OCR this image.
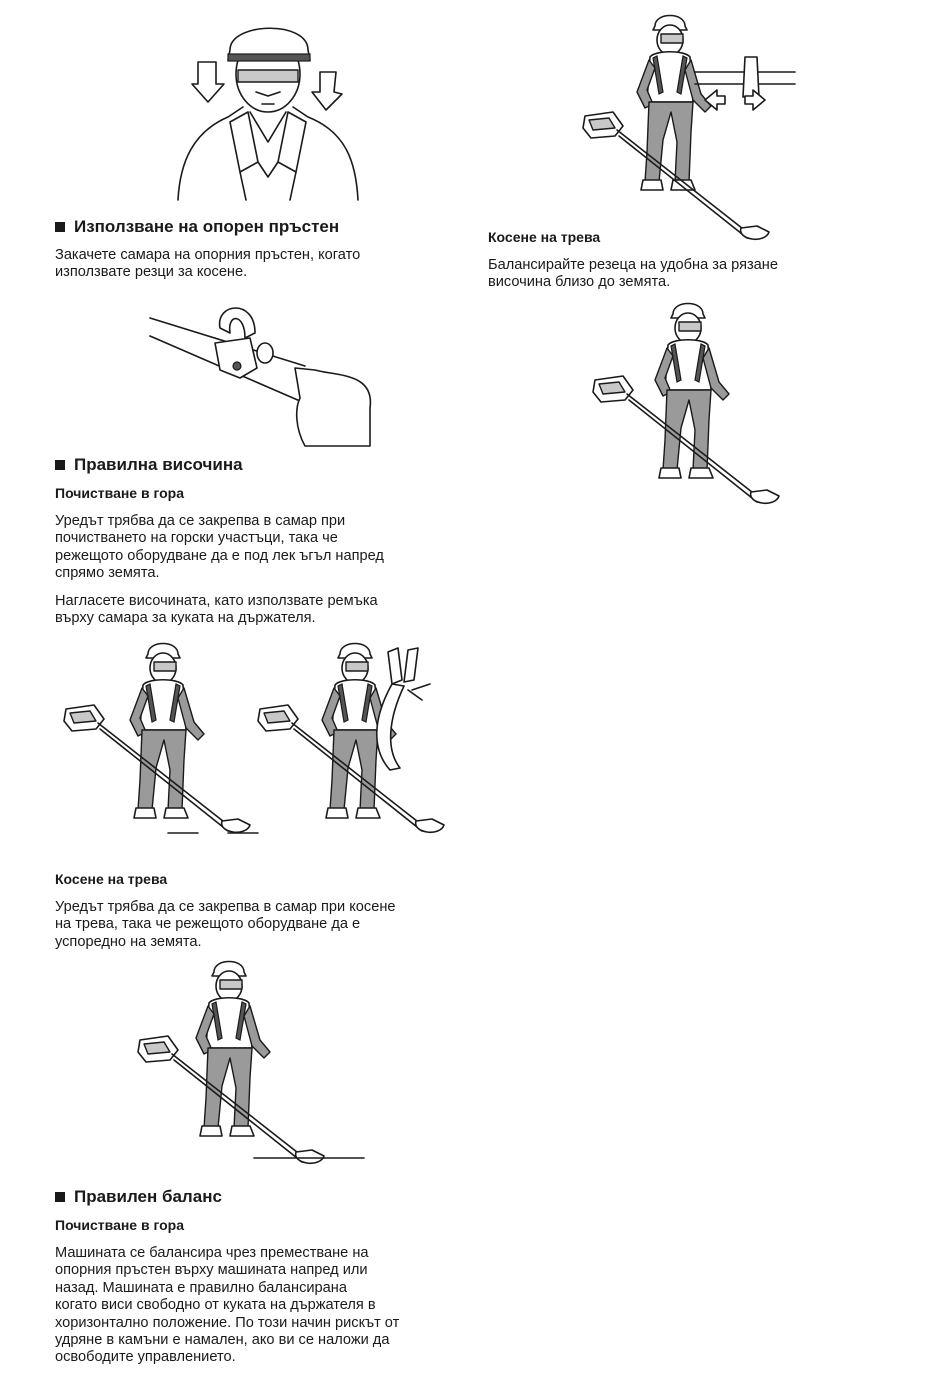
Използване на опорен пръстен
Закачете самара на опорния пръстен, когато
използвате резци за косене.
Правилна височина
Почистване в гора
Уредът трябва да се закрепва в самар при
почистването на горски участъци, така че
режещото оборудване да е под лек ъгъл напред
спрямо земята.
Нагласете височината, като използвате ремъка
върху самара за куката на държателя.
Косене на трева
Уредът трябва да се закрепва в самар при косене
на трева, така че режещото оборудване да е
успоредно на земята.
Правилен баланс
Почистване в гора
Машината се балансира чрез преместване на
опорния пръстен върху машината напред или
назад. Машината е правилно балансирана
когато виси свободно от куката на държателя в
хоризонтално положение. По този начин рискът от
удряне в камъни е намален, ако ви се наложи да
освободите управлението.
Косене на трева
Балансирайте резеца на удобна за рязане
височина близо до земята.
